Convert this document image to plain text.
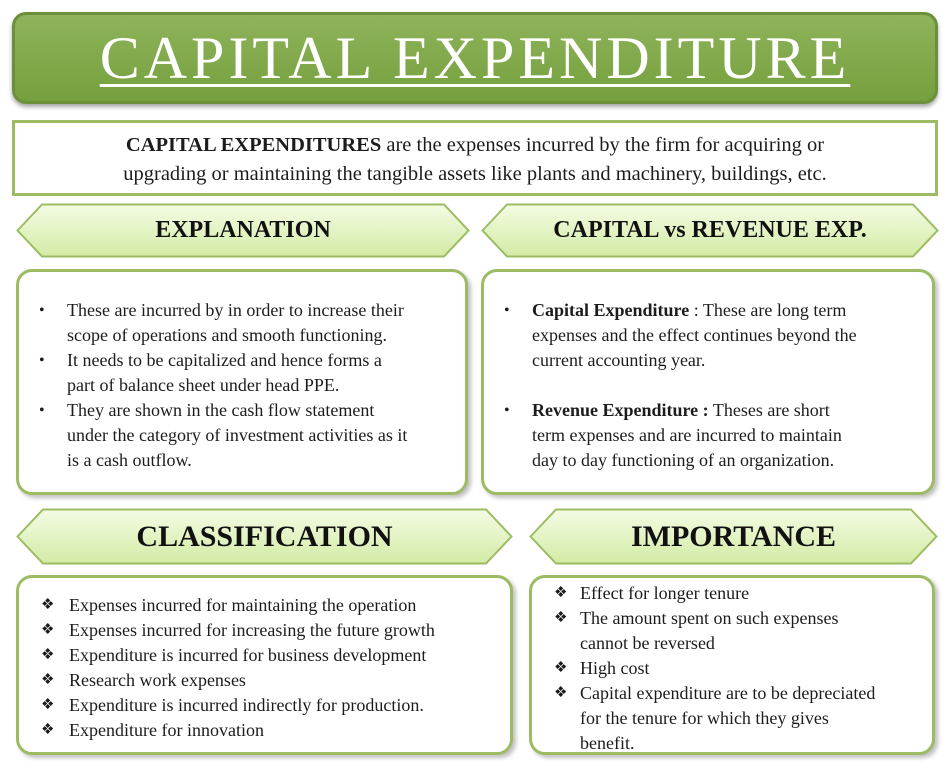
CAPITAL EXPENDITURE
CAPITAL EXPENDITURES are the expenses incurred by the firm for acquiring or
upgrading or maintaining the tangible assets like plants and machinery, buildings, etc.
EXPLANATION	CAPITAL vs REVENUE EXP.
• These are incurred by in order to increase their
scope of operations and smooth functioning.
• It needs to be capitalized and hence forms a
part of balance sheet under head PPE.
• They are shown in the cash flow statement
under the category of investment activities as it
is a cash outflow.
• Capital Expenditure : These are long term
expenses and the effect continues beyond the
current accounting year.
• Revenue Expenditure : Theses are short
term expenses and are incurred to maintain
day to day functioning of an organization.
CLASSIFICATION	IMPORTANCE
❖ Expenses incurred for maintaining the operation
❖ Expenses incurred for increasing the future growth
❖ Expenditure is incurred for business development
❖ Research work expenses
❖ Expenditure is incurred indirectly for production.
❖ Expenditure for innovation
❖ Effect for longer tenure
❖ The amount spent on such expenses
cannot be reversed
❖ High cost
❖ Capital expenditure are to be depreciated
for the tenure for which they gives
benefit.
